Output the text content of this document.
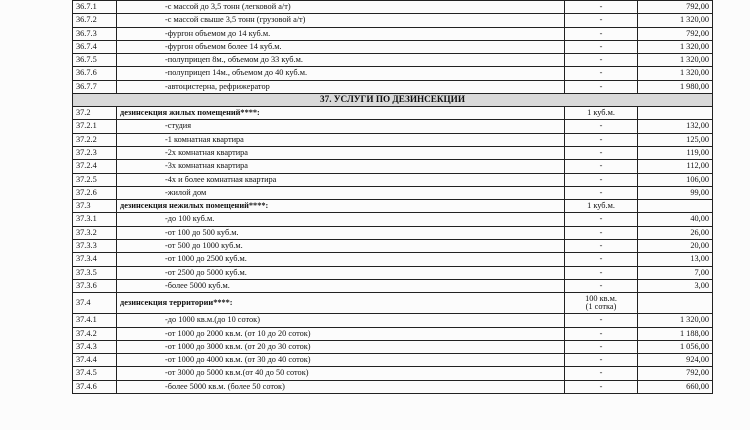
36.7.1	-с массой до 3,5 тонн (легковой а/т)	-	792,00
36.7.2	-с массой свыше 3,5 тонн (грузовой а/т)	-	1 320,00
36.7.3	-фургон объемом до 14 куб.м.	-	792,00
36.7.4	-фургон объемом более 14 куб.м.	-	1 320,00
36.7.5	-полуприцеп 8м., объемом до 33 куб.м.	-	1 320,00
36.7.6	-полуприцеп 14м., объемом до 40 куб.м.	-	1 320,00
36.7.7	-автоцистерна, рефрижератор	-	1 980,00
37. УСЛУГИ ПО ДЕЗИНСЕКЦИИ			
37.2	дезинсекция жилых помещений****:	1 куб.м.	
37.2.1	-студия	-	132,00
37.2.2	-1 комнатная квартира	-	125,00
37.2.3	-2х комнатная квартира	-	119,00
37.2.4	-3х комнатная квартира	-	112,00
37.2.5	-4х и более комнатная квартира	-	106,00
37.2.6	-жилой дом	-	99,00
37.3	дезинсекция нежилых помещений****:	1 куб.м.	
37.3.1	-до 100 куб.м.	-	40,00
37.3.2	-от 100 до 500 куб.м.	-	26,00
37.3.3	-от 500 до 1000 куб.м.	-	20,00
37.3.4	-от 1000 до 2500 куб.м.	-	13,00
37.3.5	-от 2500 до 5000 куб.м.	-	7,00
37.3.6	-более 5000 куб.м.	-	3,00
37.4	дезинсекция территории****:	100 кв.м.
(1 сотка)	

37.4.1	-до 1000 кв.м.(до 10 соток)	-	1 320,00
37.4.2	-от 1000 до 2000 кв.м. (от 10 до 20 соток)	-	1 188,00
37.4.3	-от 1000 до 3000 кв.м. (от 20 до 30 соток)	-	1 056,00
37.4.4	-от 1000 до 4000 кв.м. (от 30 до 40 соток)	-	924,00
37.4.5	-от 3000 до 5000 кв.м.(от 40 до 50 соток)	-	792,00
37.4.6	-более 5000 кв.м. (более 50 соток)	-	660,00
